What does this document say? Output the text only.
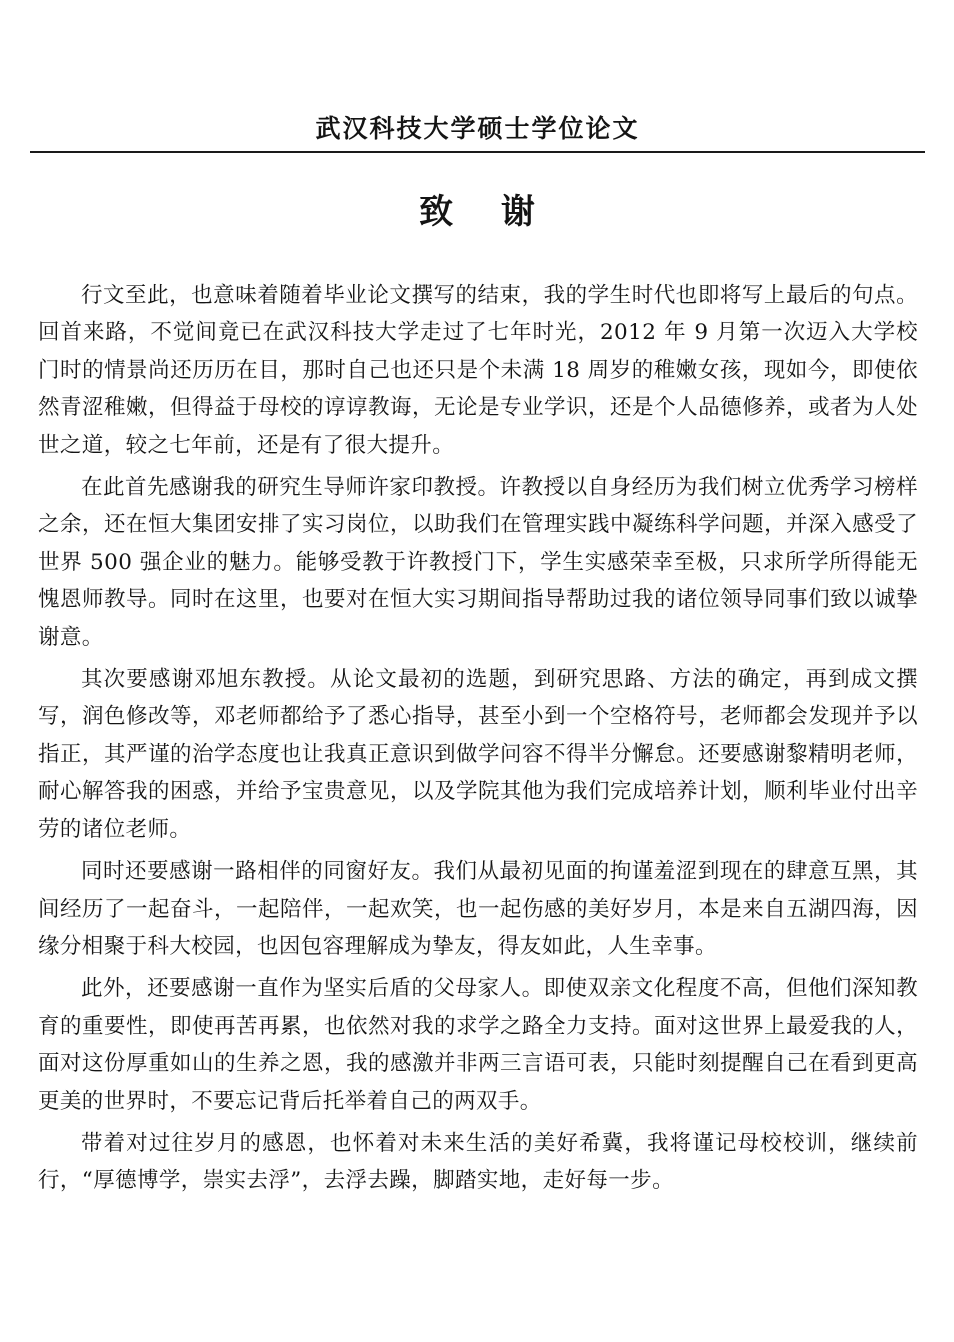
武汉科技大学硕士学位论文
致 谢

行文至此，也意味着随着毕业论文撰写的结束，我的学生时代也即将写上最后的句点。回首来路，不觉间竟已在武汉科技大学走过了七年时光，2012 年 9 月第一次迈入大学校门时的情景尚还历历在目，那时自己也还只是个未满 18 周岁的稚嫩女孩，现如今，即使依然青涩稚嫩，但得益于母校的谆谆教诲，无论是专业学识，还是个人品德修养，或者为人处世之道，较之七年前，还是有了很大提升。

在此首先感谢我的研究生导师许家印教授。许教授以自身经历为我们树立优秀学习榜样之余，还在恒大集团安排了实习岗位，以助我们在管理实践中凝练科学问题，并深入感受了世界 500 强企业的魅力。能够受教于许教授门下，学生实感荣幸至极，只求所学所得能无愧恩师教导。同时在这里，也要对在恒大实习期间指导帮助过我的诸位领导同事们致以诚挚谢意。

其次要感谢邓旭东教授。从论文最初的选题，到研究思路、方法的确定，再到成文撰写，润色修改等，邓老师都给予了悉心指导，甚至小到一个空格符号，老师都会发现并予以指正，其严谨的治学态度也让我真正意识到做学问容不得半分懈怠。还要感谢黎精明老师，耐心解答我的困惑，并给予宝贵意见，以及学院其他为我们完成培养计划，顺利毕业付出辛劳的诸位老师。

同时还要感谢一路相伴的同窗好友。我们从最初见面的拘谨羞涩到现在的肆意互黑，其间经历了一起奋斗，一起陪伴，一起欢笑，也一起伤感的美好岁月，本是来自五湖四海，因缘分相聚于科大校园，也因包容理解成为挚友，得友如此，人生幸事。

此外，还要感谢一直作为坚实后盾的父母家人。即使双亲文化程度不高，但他们深知教育的重要性，即使再苦再累，也依然对我的求学之路全力支持。面对这世界上最爱我的人，面对这份厚重如山的生养之恩，我的感激并非两三言语可表，只能时刻提醒自己在看到更高更美的世界时，不要忘记背后托举着自己的两双手。

带着对过往岁月的感恩，也怀着对未来生活的美好希冀，我将谨记母校校训，继续前行，“厚德博学，崇实去浮”，去浮去躁，脚踏实地，走好每一步。
